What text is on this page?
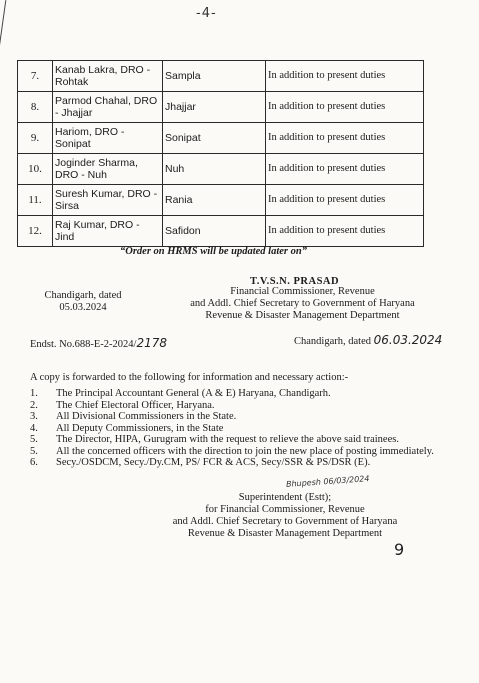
-4-
7.	Kanab Lakra, DRO - Rohtak	Sampla	In addition to present duties
8.	Parmod Chahal, DRO - Jhajjar	Jhajjar	In addition to present duties
9.	Hariom, DRO - Sonipat	Sonipat	In addition to present duties
10.	Joginder Sharma, DRO - Nuh	Nuh	In addition to present duties
11.	Suresh Kumar, DRO - Sirsa	Rania	In addition to present duties
12.	Raj Kumar, DRO - Jind	Safidon	In addition to present duties
“Order on HRMS will be updated later on”
T.V.S.N. PRASAD
Financial Commissioner, Revenue
and Addl. Chief Secretary to Government of Haryana
Revenue & Disaster Management Department
Chandigarh, dated
05.03.2024
Endst. No.688-E-2-2024/2178	Chandigarh, dated 06.03.2024
A copy is forwarded to the following for information and necessary action:-
1.	The Principal Accountant General (A & E) Haryana, Chandigarh.
2.	The Chief Electoral Officer, Haryana.
3.	All Divisional Commissioners in the State.
4.	All Deputy Commissioners, in the State
5.	The Director, HIPA, Gurugram with the request to relieve the above said trainees.
5.	All the concerned officers with the direction to join the new place of posting immediately.
6.	Secy./OSDCM, Secy./Dy.CM, PS/ FCR & ACS, Secy/SSR & PS/DSR (E).
Bhupesh 06/03/2024
Superintendent (Estt);
for Financial Commissioner, Revenue
and Addl. Chief Secretary to Government of Haryana
Revenue & Disaster Management Department
9
